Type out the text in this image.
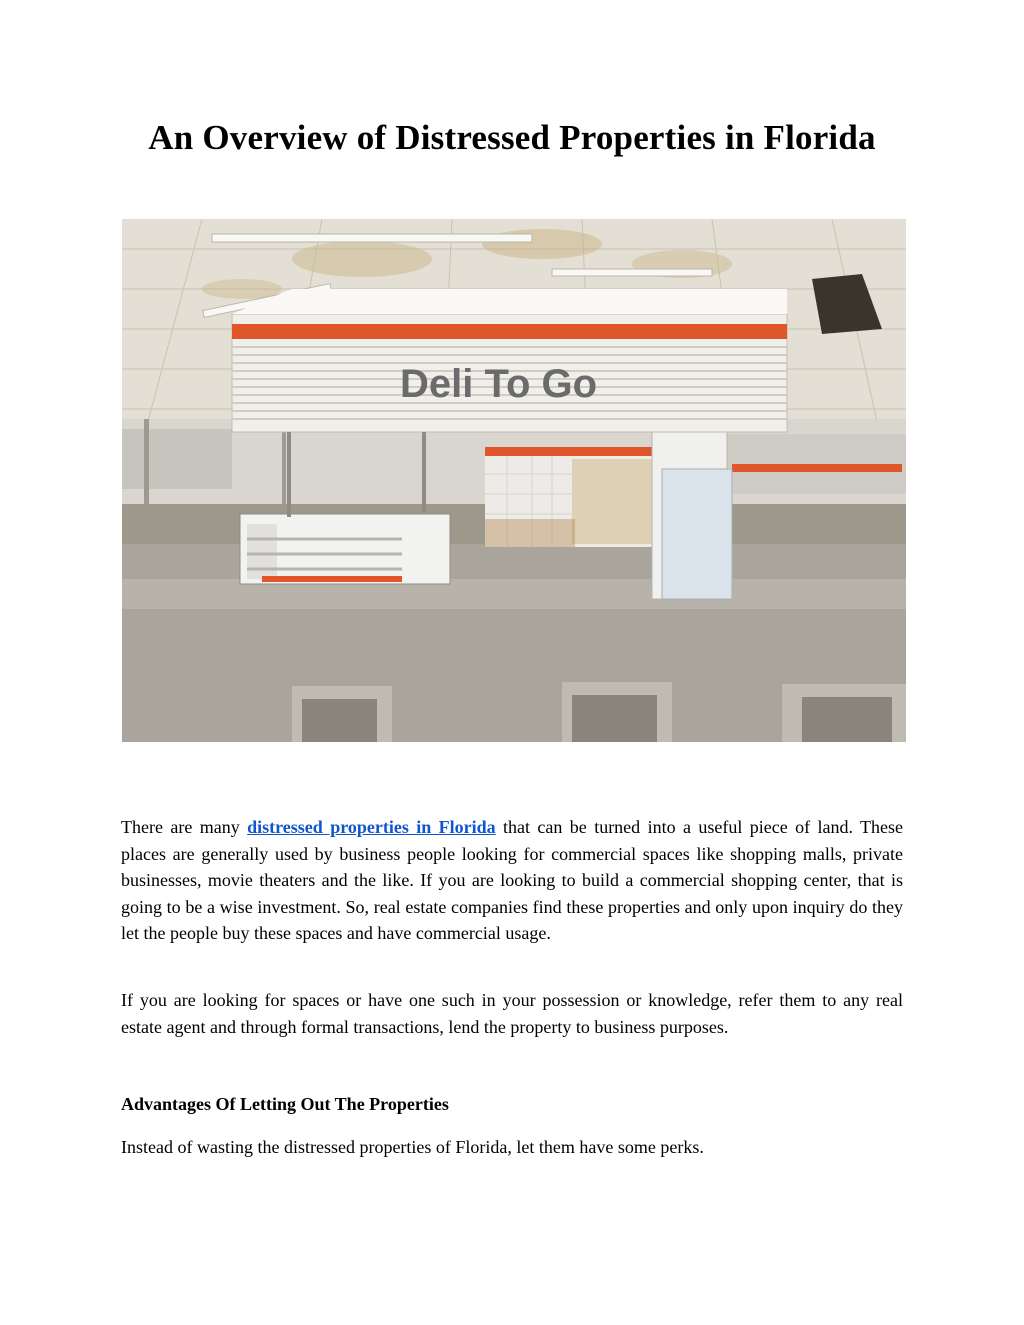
An Overview of Distressed Properties in Florida
Deli To Go

There are many distressed properties in Florida that can be turned into a useful piece of land. These places are generally used by business people looking for commercial spaces like shopping malls, private businesses, movie theaters and the like. If you are looking to build a commercial shopping center, that is going to be a wise investment. So, real estate companies find these properties and only upon inquiry do they let the people buy these spaces and have commercial usage.

If you are looking for spaces or have one such in your possession or knowledge, refer them to any real estate agent and through formal transactions, lend the property to business purposes.

Advantages Of Letting Out The Properties

Instead of wasting the distressed properties of Florida, let them have some perks.
